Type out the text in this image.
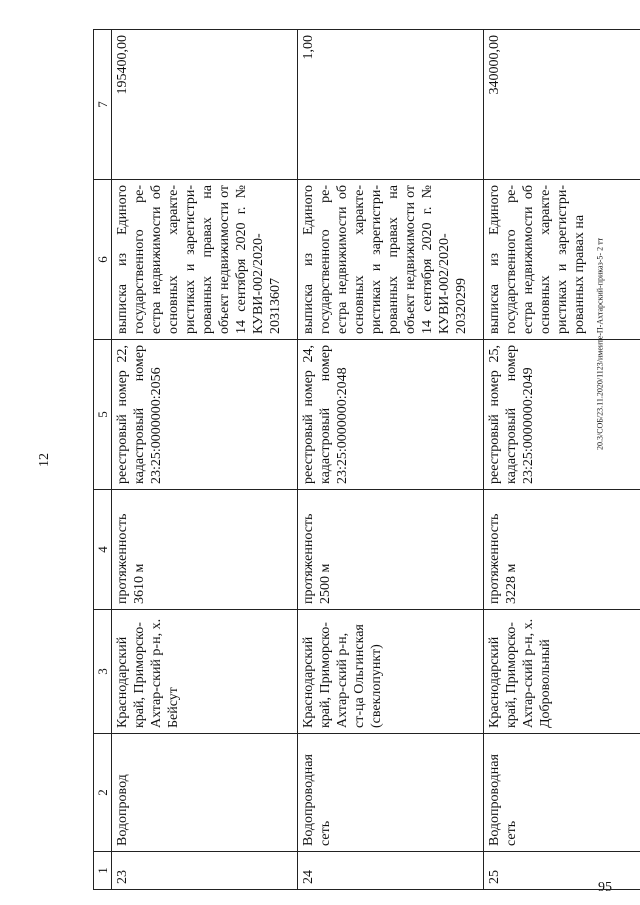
12
95
20.3/СОБ/23.11.2020/1123/имеите-П-Ахтарский-приказ-5- 2 тт
1	2	3	4	5	6	7
23	Водопровод	Краснодарский край, Приморско-Ахтар-ский р-н, х. Бейсут	протяженность 3610 м	реестровый номер 22, кадастровый номер 23:25:0000000:2056	выписка из Единого государственного ре-естра недвижимости об основных характе-ристиках и зарегистри-рованных правах на объект недвижимости от 14 сентября 2020 г. № КУВИ-002/2020-20313607	195400,00
24	Водопроводная сеть	Краснодарский край, Приморско-Ахтар-ский р-н, ст-ца Ольгинская (свеклопункт)	протяженность 2500 м	реестровый номер 24, кадастровый номер 23:25:0000000:2048	выписка из Единого государственного ре-естра недвижимости об основных характе-ристиках и зарегистри-рованных правах на объект недвижимости от 14 сентября 2020 г. № КУВИ-002/2020-20320299	1,00
25	Водопроводная сеть	Краснодарский край, Приморско-Ахтар-ский р-н, х. Добровольный	протяженность 3228 м	реестровый номер 25, кадастровый номер 23:25:0000000:2049	выписка из Единого государственного ре-естра недвижимости об основных характе-ристиках и зарегистри-рованных правах на	340000,00
